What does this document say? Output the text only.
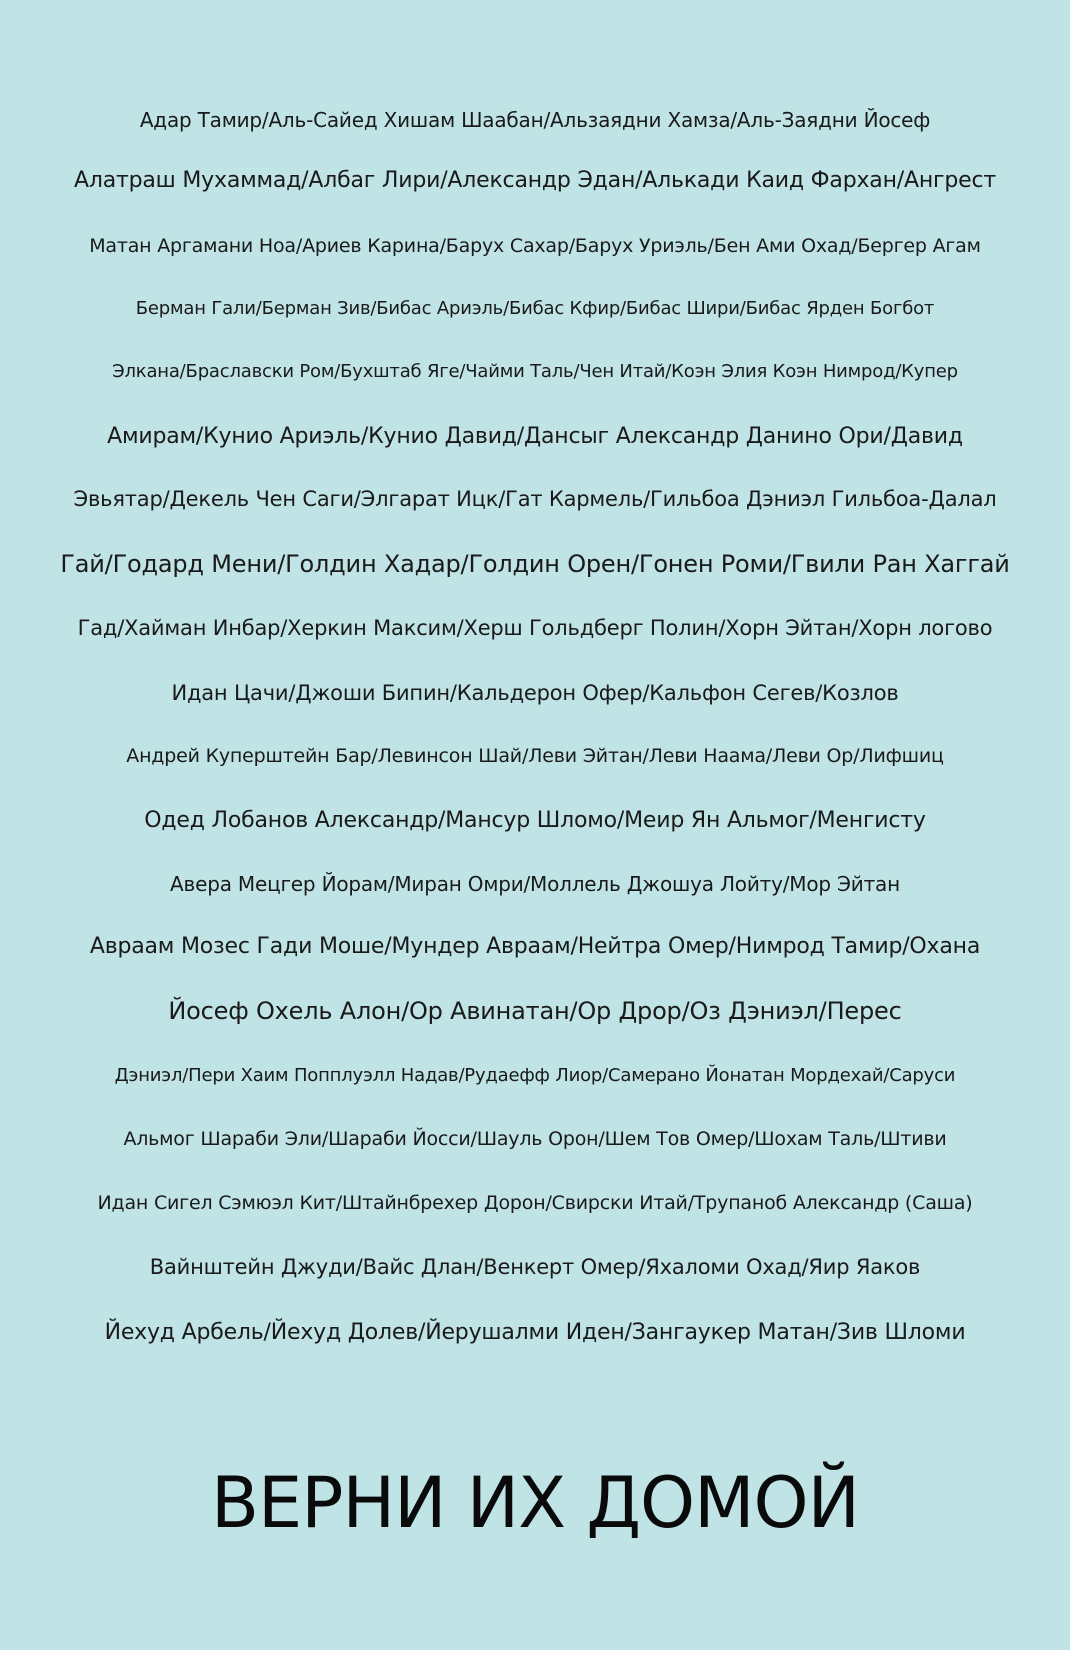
Адар Тамир/Аль-Сайед Хишам Шаабан/Альзаядни Хамза/Аль-Заядни Йосеф
Алатраш Мухаммад/Албаг Лири/Александр Эдан/Алькади Каид Фархан/Ангрест
Матан Аргамани Ноа/Ариев Карина/Барух Сахар/Барух Уриэль/Бен Ами Охад/Бергер Агам
Берман Гали/Берман Зив/Бибас Ариэль/Бибас Кфир/Бибас Шири/Бибас Ярден Богбот
Элкана/Браславски Ром/Бухштаб Яге/Чайми Таль/Чен Итай/Коэн Элия Коэн Нимрод/Купер
Амирам/Кунио Ариэль/Кунио Давид/Дансыг Александр Данино Ори/Давид
Эвьятар/Декель Чен Саги/Элгарат Ицк/Гат Кармель/Гильбоа Дэниэл Гильбоа-Далал
Гай/Годард Мени/Голдин Хадар/Голдин Орен/Гонен Роми/Гвили Ран Хаггай
Гад/Хайман Инбар/Херкин Максим/Херш Гольдберг Полин/Хорн Эйтан/Хорн логово
Идан Цачи/Джоши Бипин/Кальдерон Офер/Кальфон Сегев/Козлов
Андрей Куперштейн Бар/Левинсон Шай/Леви Эйтан/Леви Наама/Леви Ор/Лифшиц
Одед Лобанов Александр/Мансур Шломо/Меир Ян Альмог/Менгисту
Авера Мецгер Йорам/Миран Омри/Моллель Джошуа Лойту/Мор Эйтан
Авраам Мозес Гади Моше/Мундер Авраам/Нейтра Омер/Нимрод Тамир/Охана
Йосеф Охель Алон/Ор Авинатан/Ор Дрор/Оз Дэниэл/Перес
Дэниэл/Пери Хаим Попплуэлл Надав/Рудаефф Лиор/Самерано Йонатан Мордехай/Саруси
Альмог Шараби Эли/Шараби Йосси/Шауль Орон/Шем Тов Омер/Шохам Таль/Штиви
Идан Сигел Сэмюэл Кит/Штайнбрехер Дорон/Свирски Итай/Трупаноб Александр (Саша)
Вайнштейн Джуди/Вайс Длан/Венкерт Омер/Яхаломи Охад/Яир Яаков
Йехуд Арбель/Йехуд Долев/Йерушалми Иден/Зангаукер Матан/Зив Шломи
ВЕРНИ ИХ ДОМОЙ
